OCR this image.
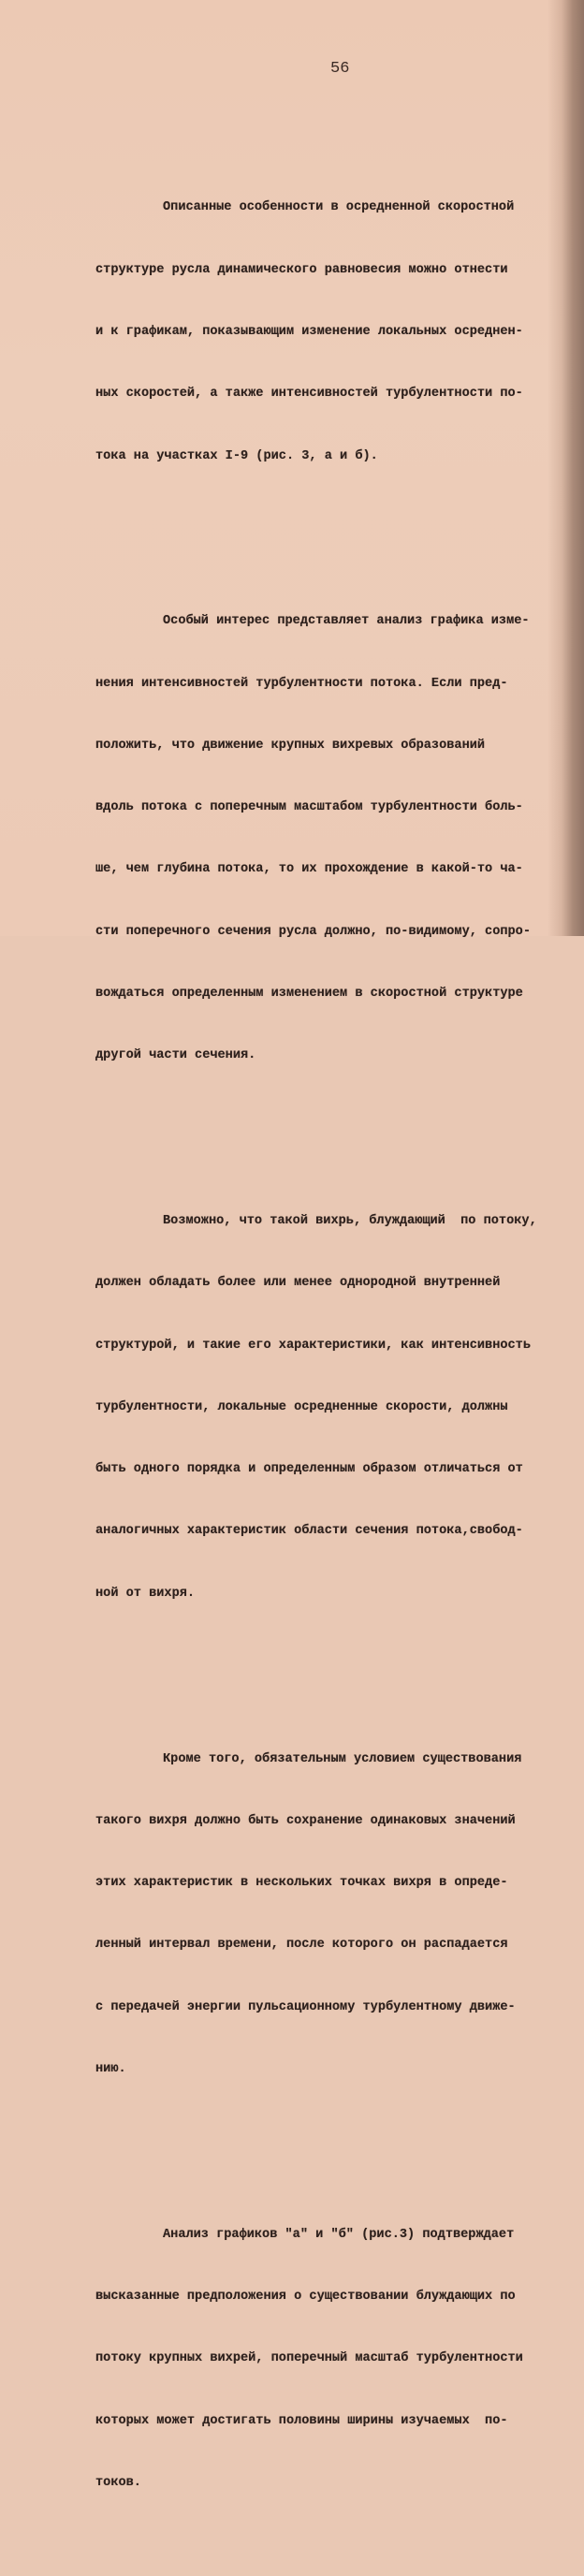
56

Описанные особенности в осредненной скоростной

структуре русла динамического равновесия можно отнести

и к графикам, показывающим изменение локальных осреднен-

ных скоростей, а также интенсивностей турбулентности по-

тока на участках I-9 (рис. 3, а и б).

Особый интерес представляет анализ графика изме-

нения интенсивностей турбулентности потока. Если пред-

положить, что движение крупных вихревых образований

вдоль потока с поперечным масштабом турбулентности боль-

ше, чем глубина потока, то их прохождение в какой-то ча-

сти поперечного сечения русла должно, по-видимому, сопро-

вождаться определенным изменением в скоростной структуре

другой части сечения.

Возможно, что такой вихрь, блуждающий  по потоку,

должен обладать более или менее однородной внутренней

структурой, и такие его характеристики, как интенсивность

турбулентности, локальные осредненные скорости, должны

быть одного порядка и определенным образом отличаться от

аналогичных характеристик области сечения потока,свобод-

ной от вихря.

Кроме того, обязательным условием существования

такого вихря должно быть сохранение одинаковых значений

этих характеристик в нескольких точках вихря в опреде-

ленный интервал времени, после которого он распадается

с передачей энергии пульсационному турбулентному движе-

нию.

Анализ графиков "а" и "б" (рис.3) подтверждает

высказанные предположения о существовании блуждающих по

потоку крупных вихрей, поперечный масштаб турбулентности

которых может достигать половины ширины изучаемых  по-

токов.
